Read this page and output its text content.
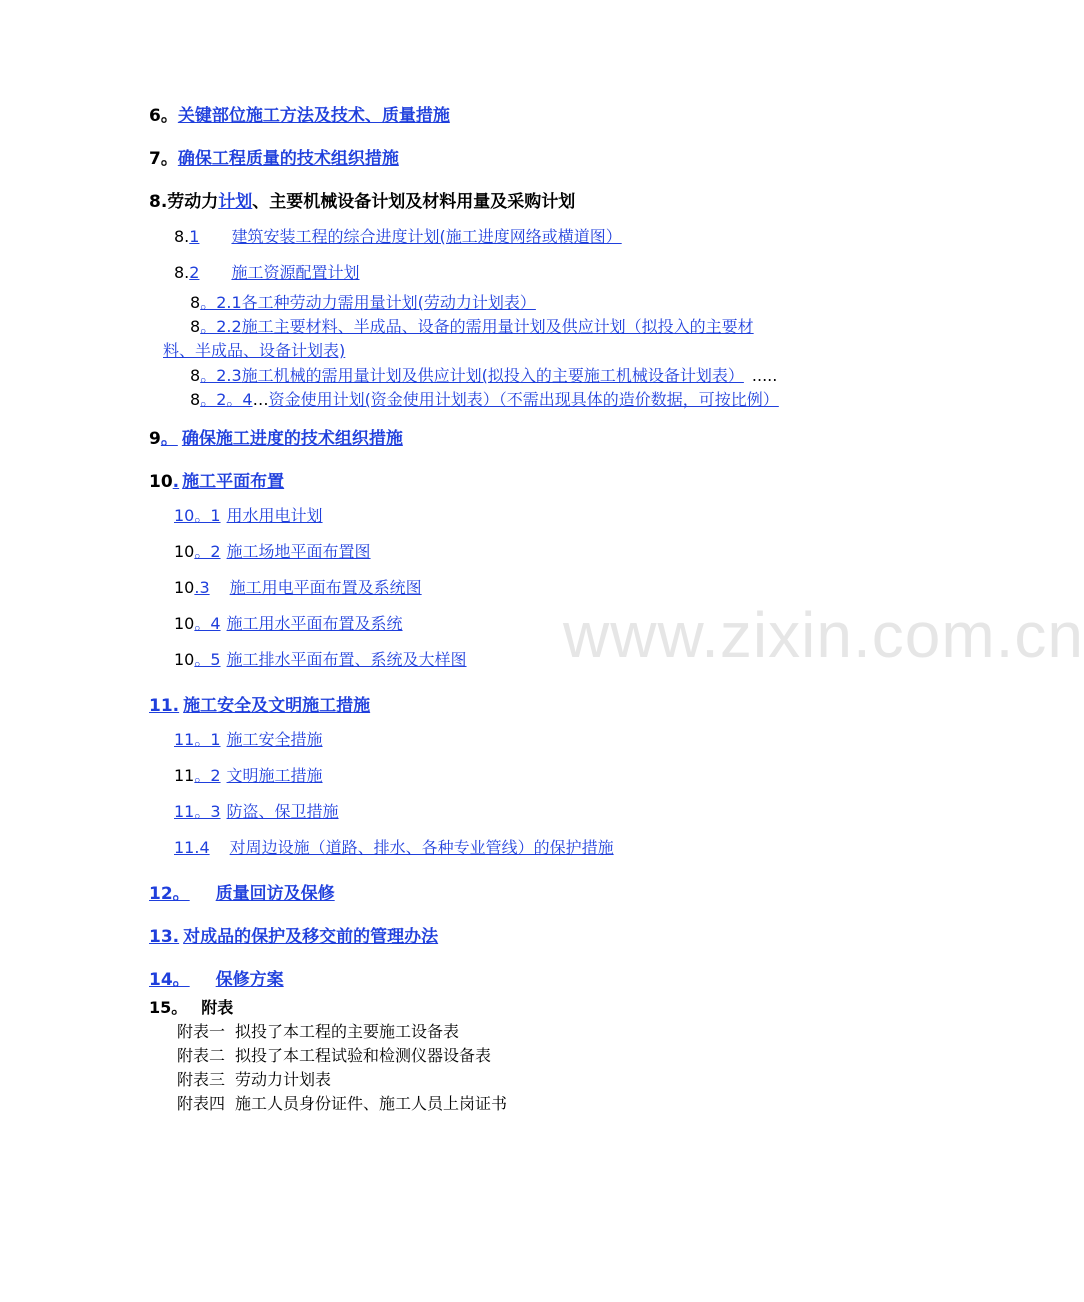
www.zixin.com.cn
6。关键部位施工方法及技术、质量措施
7。确保工程质量的技术组织措施
8.劳动力计划、主要机械设备计划及材料用量及采购计划
8.1 建筑安装工程的综合进度计划(施工进度网络或横道图）
8.2 施工资源配置计划
8。2.1各工种劳动力需用量计划(劳动力计划表）
8。2.2施工主要材料、半成品、设备的需用量计划及供应计划（拟投入的主要材
料、半成品、设备计划表)
8。2.3施工机械的需用量计划及供应计划(拟投入的主要施工机械设备计划表） .....
8。2。4…资金使用计划(资金使用计划表）（不需出现具体的造价数据，可按比例）
9。 确保施工进度的技术组织措施
10. 施工平面布置
10。1 用水用电计划
10。2 施工场地平面布置图
10.3 施工用电平面布置及系统图
10。4 施工用水平面布置及系统
10。5 施工排水平面布置、系统及大样图
11. 施工安全及文明施工措施
11。1 施工安全措施
11。2 文明施工措施
11。3 防盗、保卫措施
11.4 对周边设施（道路、排水、各种专业管线）的保护措施
12。 质量回访及保修
13. 对成品的保护及移交前的管理办法
14。 保修方案
15。 附表
附表一 拟投了本工程的主要施工设备表
附表二 拟投了本工程试验和检测仪器设备表
附表三 劳动力计划表
附表四 施工人员身份证件、施工人员上岗证书
